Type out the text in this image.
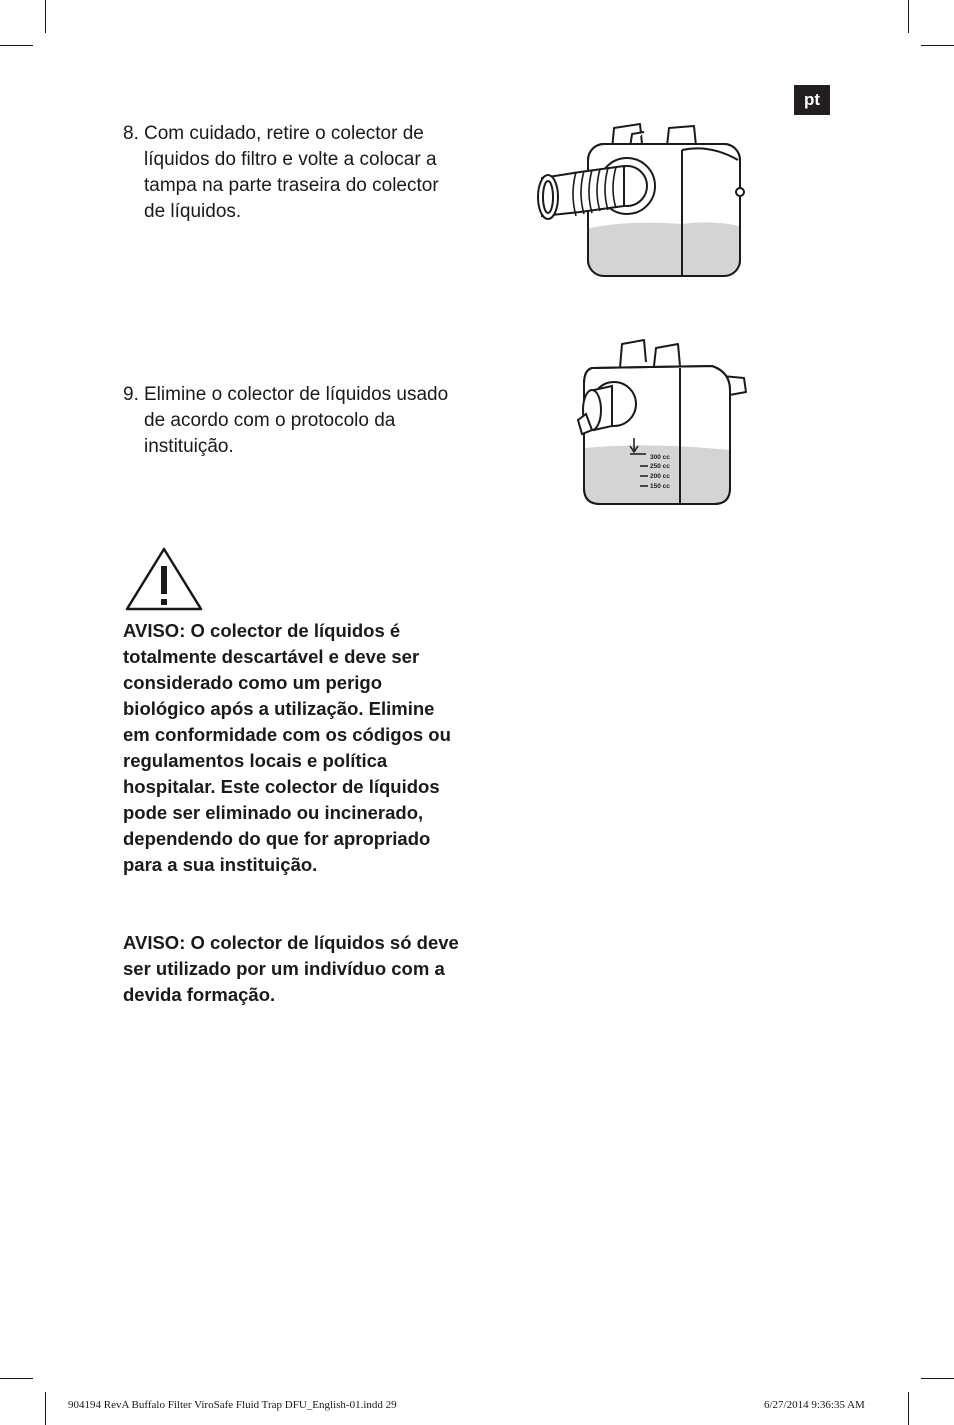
pt
8. Com cuidado, retire o colector de líquidos do filtro e volte a colocar a tampa na parte traseira do colector de líquidos.
9. Elimine o colector de líquidos usado de acordo com o protocolo da instituição.
300 cc
250 cc
200 cc
150 cc
AVISO: O colector de líquidos é totalmente descartável e deve ser considerado como um perigo biológico após a utilização. Elimine em conformidade com os códigos ou regulamentos locais e política hospitalar. Este colector de líquidos pode ser eliminado ou incinerado, dependendo do que for apropriado para a sua instituição.
AVISO: O colector de líquidos só deve ser utilizado por um indivíduo com a devida formação.
904194 RevA Buffalo Filter ViroSafe Fluid Trap DFU_English-01.indd 29	6/27/2014 9:36:35 AM
